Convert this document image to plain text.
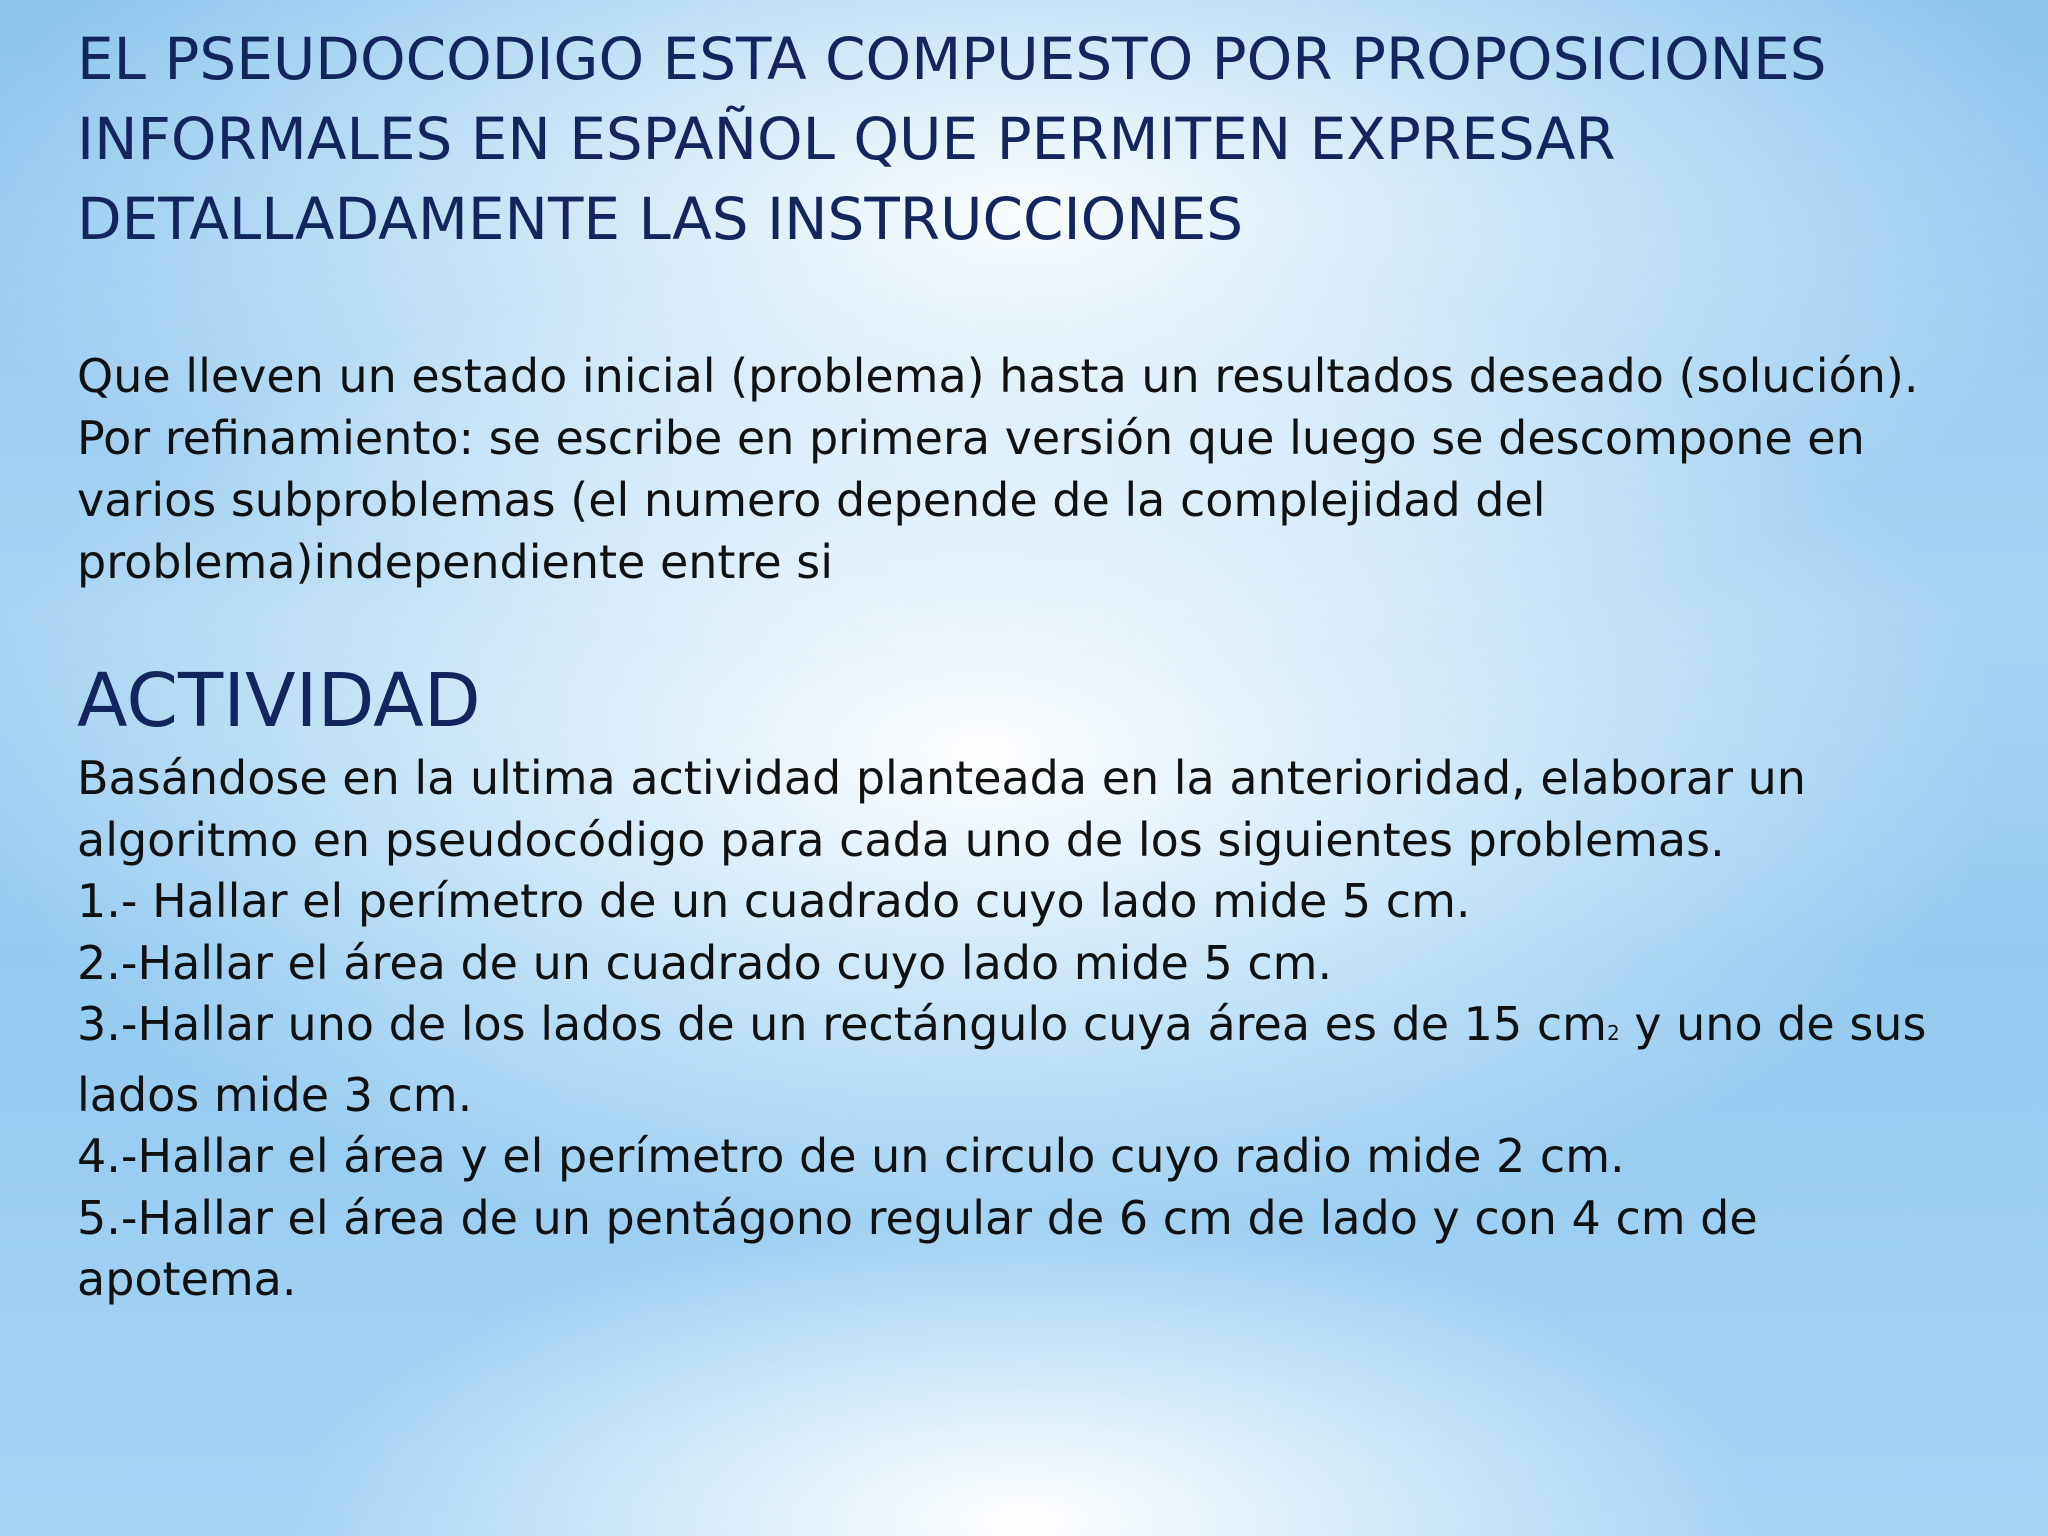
EL PSEUDOCODIGO ESTA COMPUESTO POR PROPOSICIONES
INFORMALES EN ESPAÑOL QUE PERMITEN EXPRESAR
DETALLADAMENTE LAS INSTRUCCIONES
Que lleven un estado inicial (problema) hasta un resultados deseado (solución).
Por refinamiento: se escribe en primera versión que luego se descompone en
varios subproblemas (el numero depende de la complejidad del
problema)independiente entre si
ACTIVIDAD
Basándose en la ultima actividad planteada en la anterioridad, elaborar un
algoritmo en pseudocódigo para cada uno de los siguientes problemas.
1.- Hallar el perímetro de un cuadrado cuyo lado mide 5 cm.
2.-Hallar el área de un cuadrado cuyo lado mide 5 cm.
3.-Hallar uno de los lados de un rectángulo cuya área es de 15 cm2 y uno de sus
lados mide 3 cm.
4.-Hallar el área y el perímetro de un circulo cuyo radio mide 2 cm.
5.-Hallar el área de un pentágono regular de 6 cm de lado y con 4 cm de
apotema.
